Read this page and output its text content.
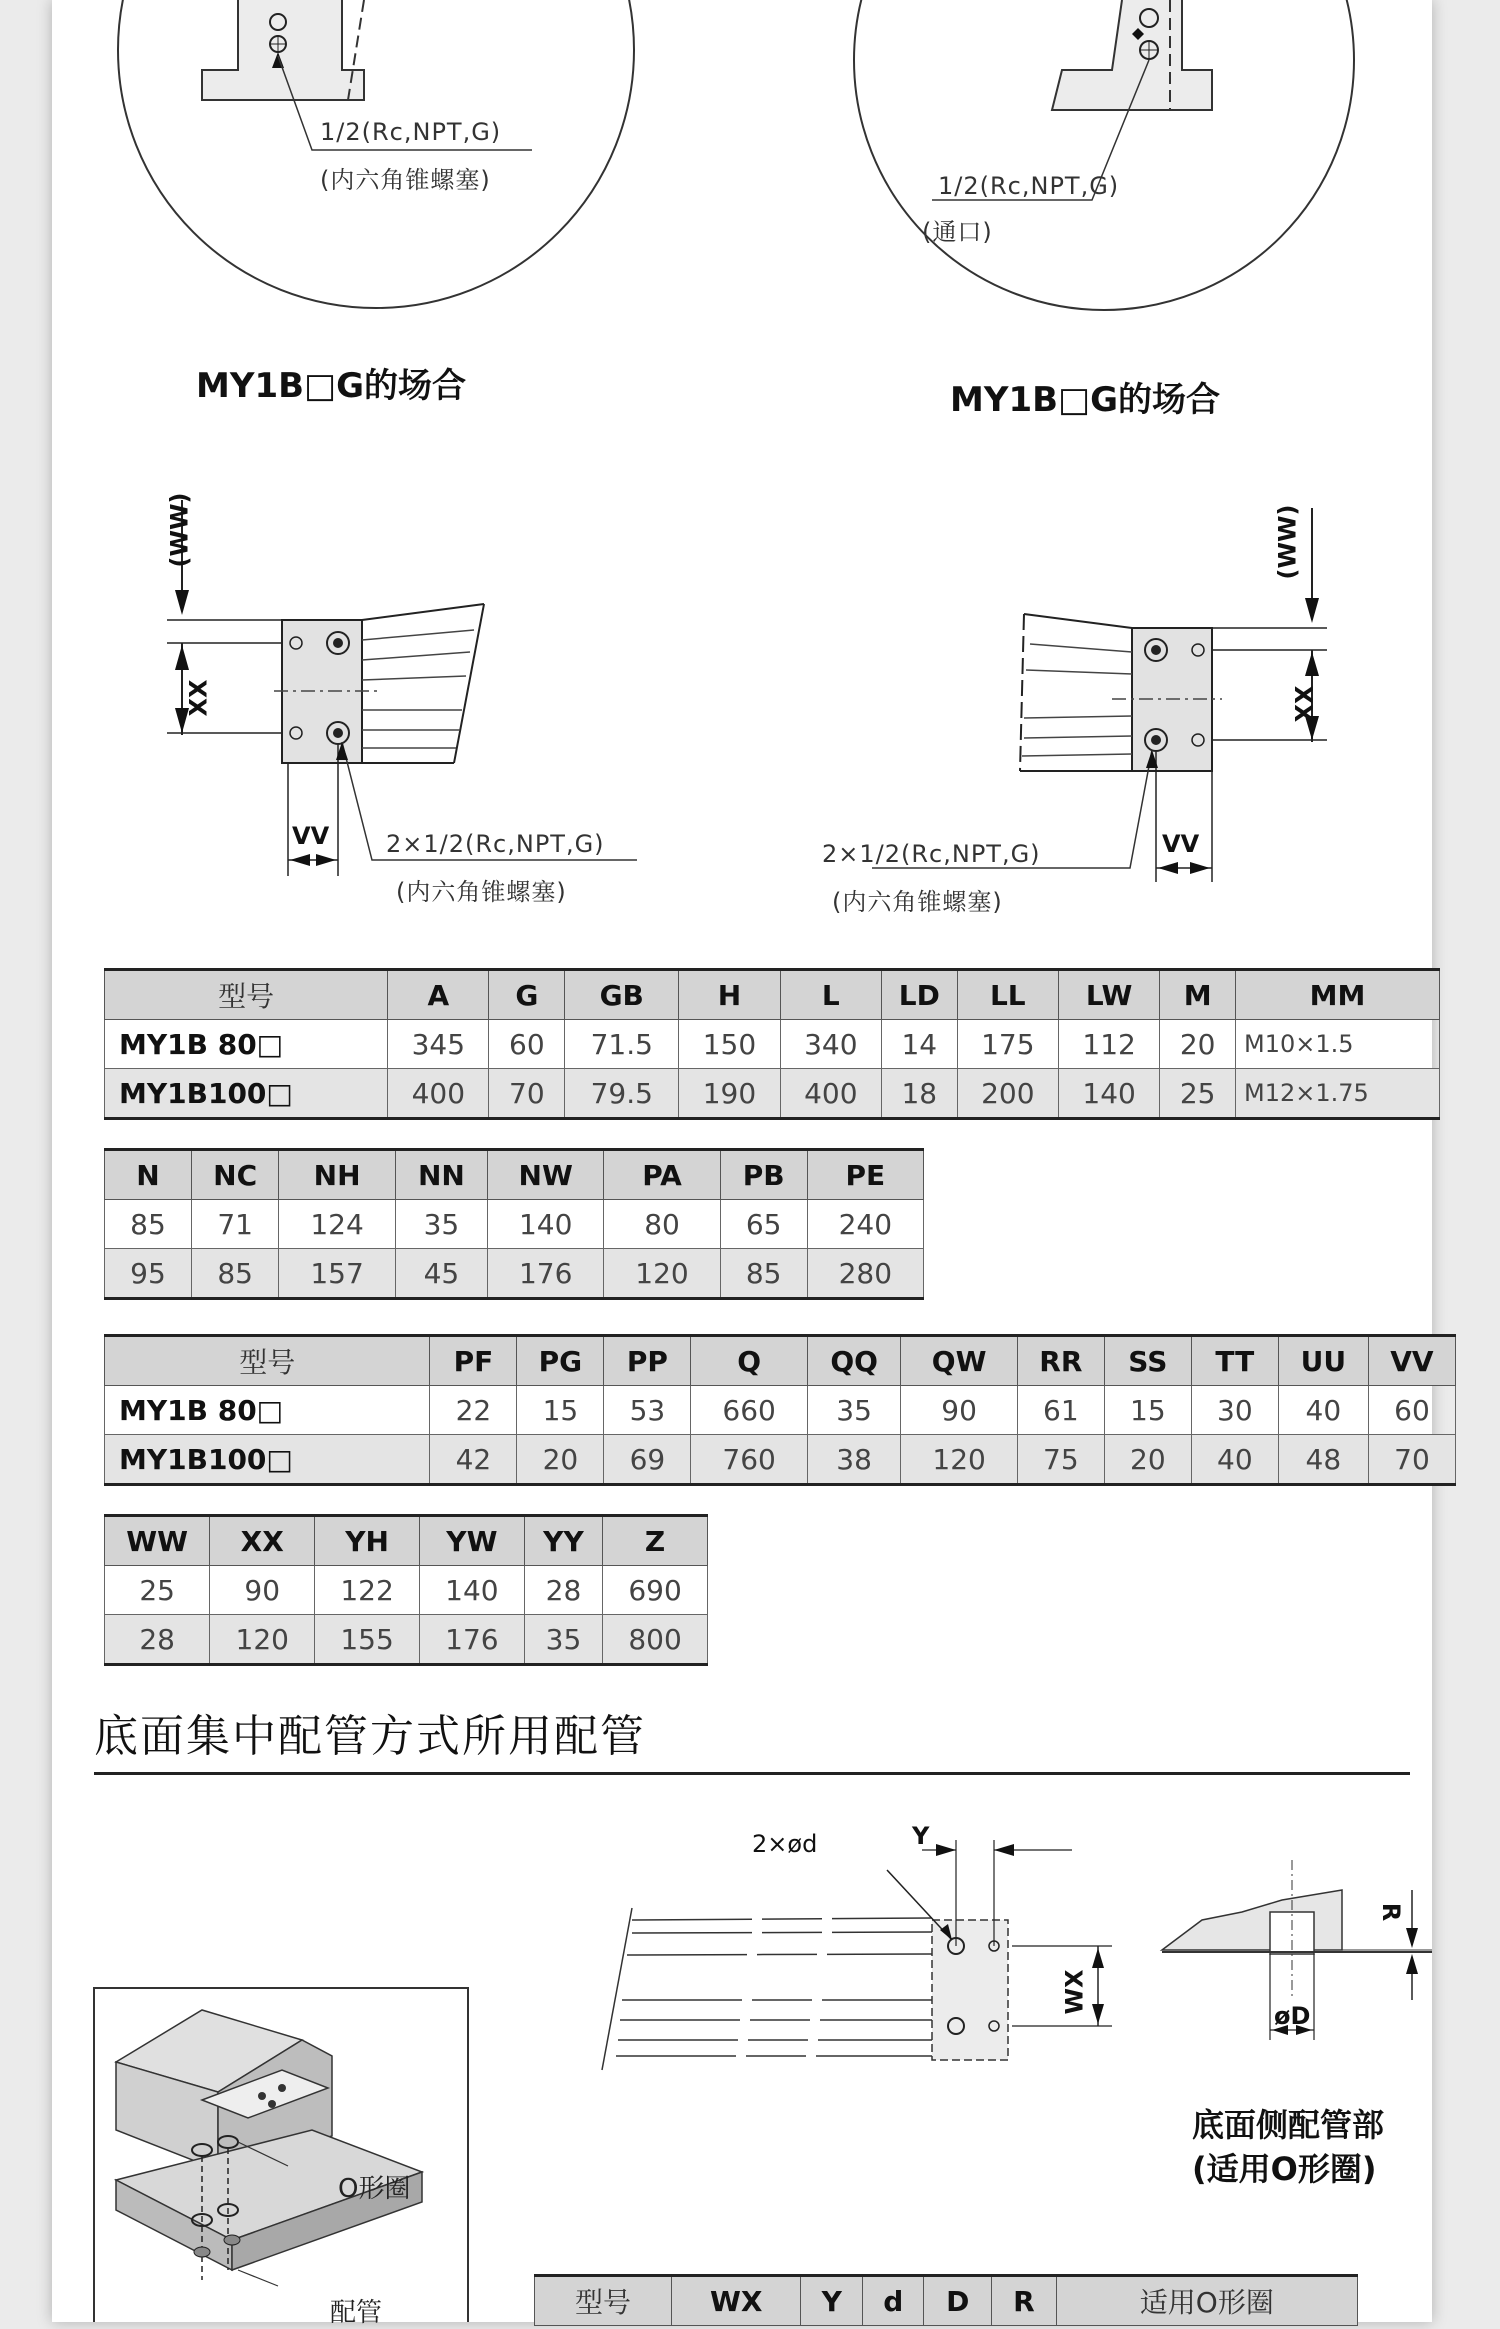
1/2(Rc,NPT,G)
(内六角锥螺塞)	1/2(Rc,NPT,G)
(通口)
MY1B□G的场合	MY1B□G的场合
(WW)
XX
VV 2×1/2(Rc,NPT,G)
(内六角锥螺塞)
(WW)
XX
VV
2×1/2(Rc,NPT,G)
(内六角锥螺塞)
型号	A	G	GB	H	L	LD	LL	LW	M	MM
MY1B 80□	345	60	71.5	150	340	14	175	112	20	M10×1.5
MY1B100□	400	70	79.5	190	400	18	200	140	25	M12×1.75
N	NC	NH	NN	NW	PA	PB	PE
85	71	124	35	140	80	65	240
95	85	157	45	176	120	85	280
型号	PF	PG	PP	Q	QQ	QW	RR	SS	TT	UU	VV
MY1B 80□	22	15	53	660	35	90	61	15	30	40	60
MY1B100□	42	20	69	760	38	120	75	20	40	48	70
WW	XX	YH	YW	YY	Z
25	90	122	140	28	690
28	120	155	176	35	800
底面集中配管方式所用配管
O形圈
配管
2×ød	Y
WX
R
øD
底面侧配管部
(适用O形圈)
型号	WX	Y	d	D	R	适用O形圈
